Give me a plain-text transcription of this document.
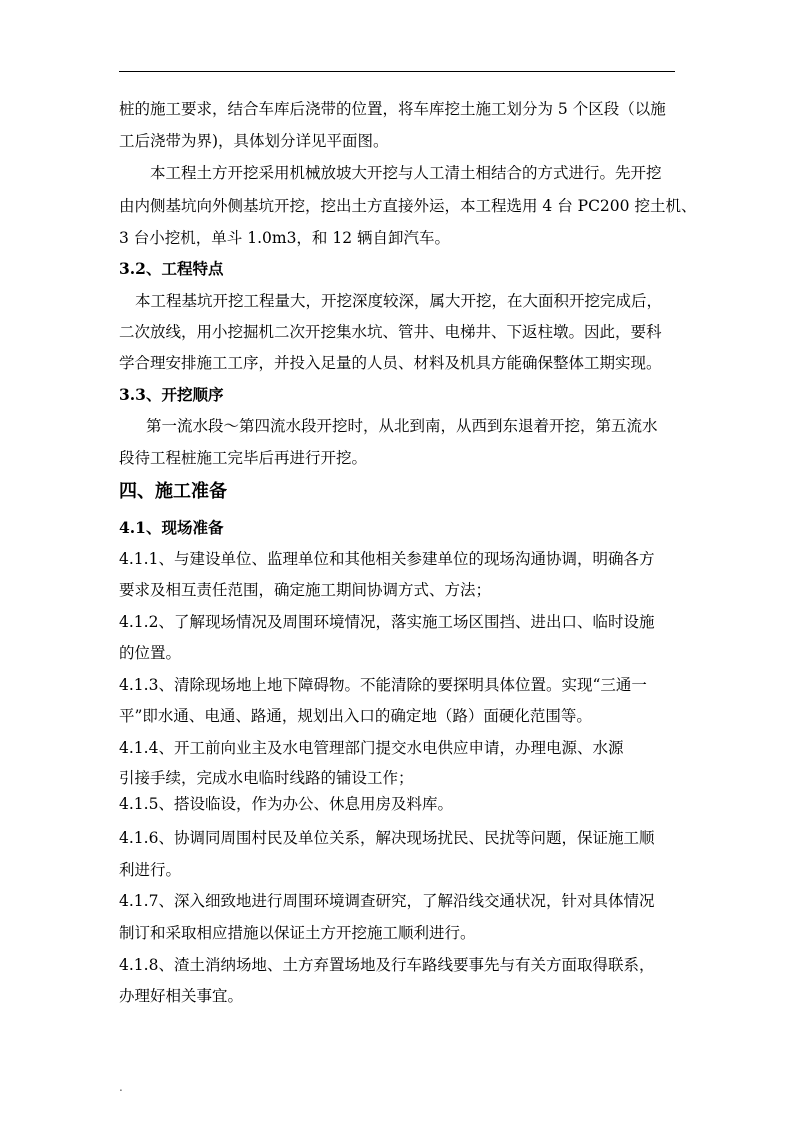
桩的施工要求，结合车库后浇带的位置，将车库挖土施工划分为 5 个区段（以施
工后浇带为界)，具体划分详见平面图。
本工程土方开挖采用机械放坡大开挖与人工清土相结合的方式进行。先开挖
由内侧基坑向外侧基坑开挖，挖出土方直接外运，本工程选用 4 台 PC200 挖土机、
3 台小挖机，单斗 1.0m3，和 12 辆自卸汽车。
3.2、工程特点
本工程基坑开挖工程量大，开挖深度较深，属大开挖，在大面积开挖完成后，
二次放线，用小挖掘机二次开挖集水坑、管井、电梯井、下返柱墩。因此，要科
学合理安排施工工序，并投入足量的人员、材料及机具方能确保整体工期实现。
3.3、开挖顺序
第一流水段～第四流水段开挖时，从北到南，从西到东退着开挖，第五流水
段待工程桩施工完毕后再进行开挖。
四、施工准备
4.1、现场准备
4.1.1、与建设单位、监理单位和其他相关参建单位的现场沟通协调，明确各方
要求及相互责任范围，确定施工期间协调方式、方法；
4.1.2、了解现场情况及周围环境情况，落实施工场区围挡、进出口、临时设施
的位置。
4.1.3、清除现场地上地下障碍物。不能清除的要探明具体位置。实现“三通一
平”即水通、电通、路通，规划出入口的确定地（路）面硬化范围等。
4.1.4、开工前向业主及水电管理部门提交水电供应申请，办理电源、水源
引接手续，完成水电临时线路的铺设工作；
4.1.5、搭设临设，作为办公、休息用房及料库。
4.1.6、协调同周围村民及单位关系，解决现场扰民、民扰等问题，保证施工顺
利进行。
4.1.7、深入细致地进行周围环境调查研究，了解沿线交通状况，针对具体情况
制订和采取相应措施以保证土方开挖施工顺利进行。
4.1.8、渣土消纳场地、土方弃置场地及行车路线要事先与有关方面取得联系，
办理好相关事宜。
.
